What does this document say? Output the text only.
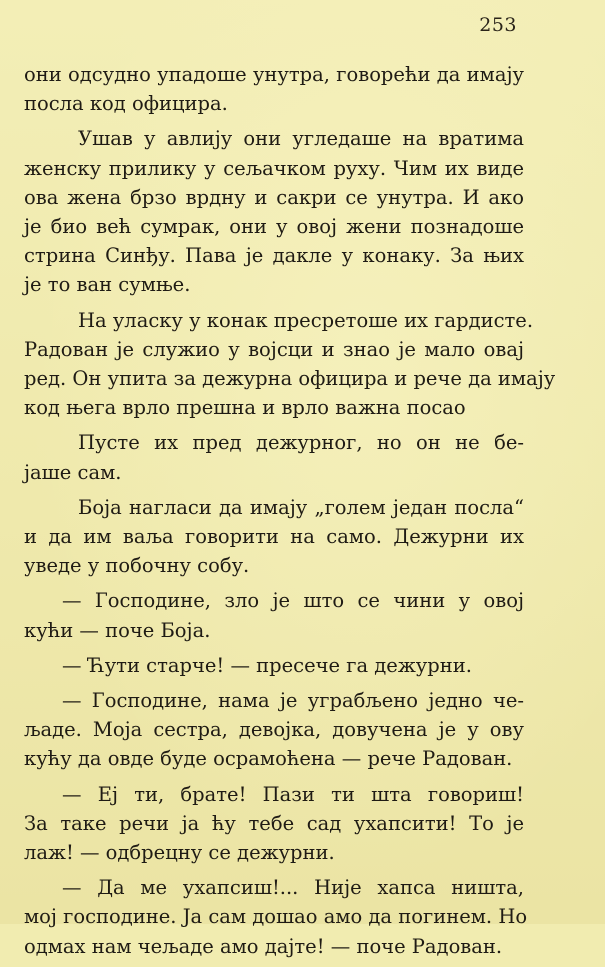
253

они одсудно упадоше унутра, говорећи да имају
посла код официра.

Ушав у авлију они угледаше на вратима
женску прилику у сељачком руху. Чим их виде
ова жена брзо врдну и сакри се унутра. И ако
је био већ сумрак, они у овој жени познадоше
стрина Синђу. Пава је дакле у конаку. За њих
је то ван сумње.

На уласку у конак пресретоше их гардисте.
Радован је служио у војсци и знао је мало овај
ред. Он упита за дежурна официра и рече да имају
код њега врло прешна и врло важна посао

Пусте их пред дежурног, но он не бе-
јаше сам.

Боја нагласи да имају „голем један посла“
и да им ваља говорити на само. Дежурни их
уведе у побочну собу.

— Господине, зло је што се чини у овој
кући — поче Боја.

— Ћути старче! — пресече га дежурни.

— Господине, нама је уграбљено једно че-
љаде. Моја сестра, девојка, довучена је у ову
кућу да овде буде осрамоћена — рече Радован.

— Еј ти, брате! Пази ти шта говориш!
За таке речи ја ћу тебе сад ухапсити! То је
лаж! — одбрецну се дежурни.

— Да ме ухапсиш!... Није хапса ништа,
мој господине. Ја сам дошао амо да погинем. Но
одмах нам чељаде амо дајте! — поче Радован.
